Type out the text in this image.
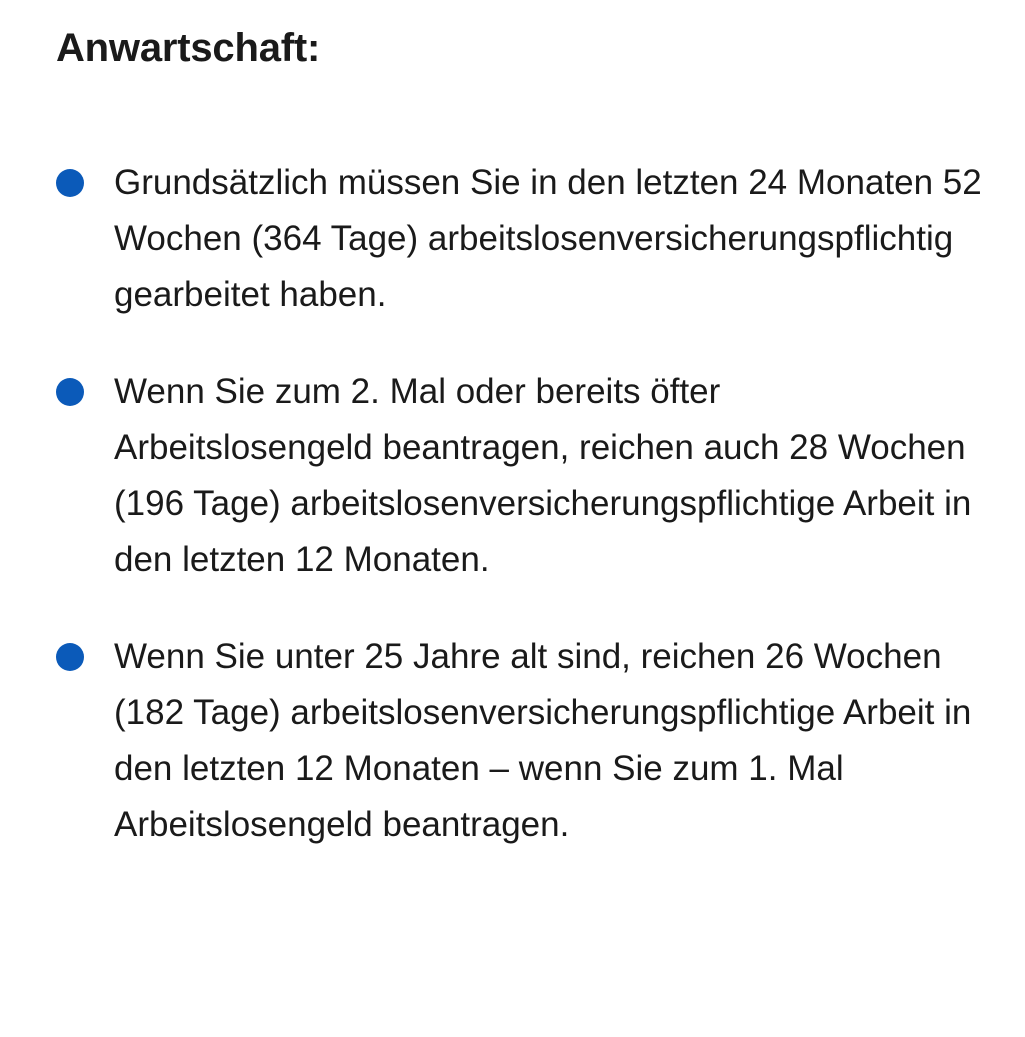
Anwartschaft:
Grundsätzlich müssen Sie in den letzten 24 Monaten 52 Wochen (364 Tage) arbeitslosenversicherungspflichtig gearbeitet haben.
Wenn Sie zum 2. Mal oder bereits öfter Arbeitslosengeld beantragen, reichen auch 28 Wochen (196 Tage) arbeitslosenversicherungspflichtige Arbeit in den letzten 12 Monaten.
Wenn Sie unter 25 Jahre alt sind, reichen 26 Wochen (182 Tage) arbeitslosenversicherungspflichtige Arbeit in den letzten 12 Monaten – wenn Sie zum 1. Mal Arbeitslosengeld beantragen.
